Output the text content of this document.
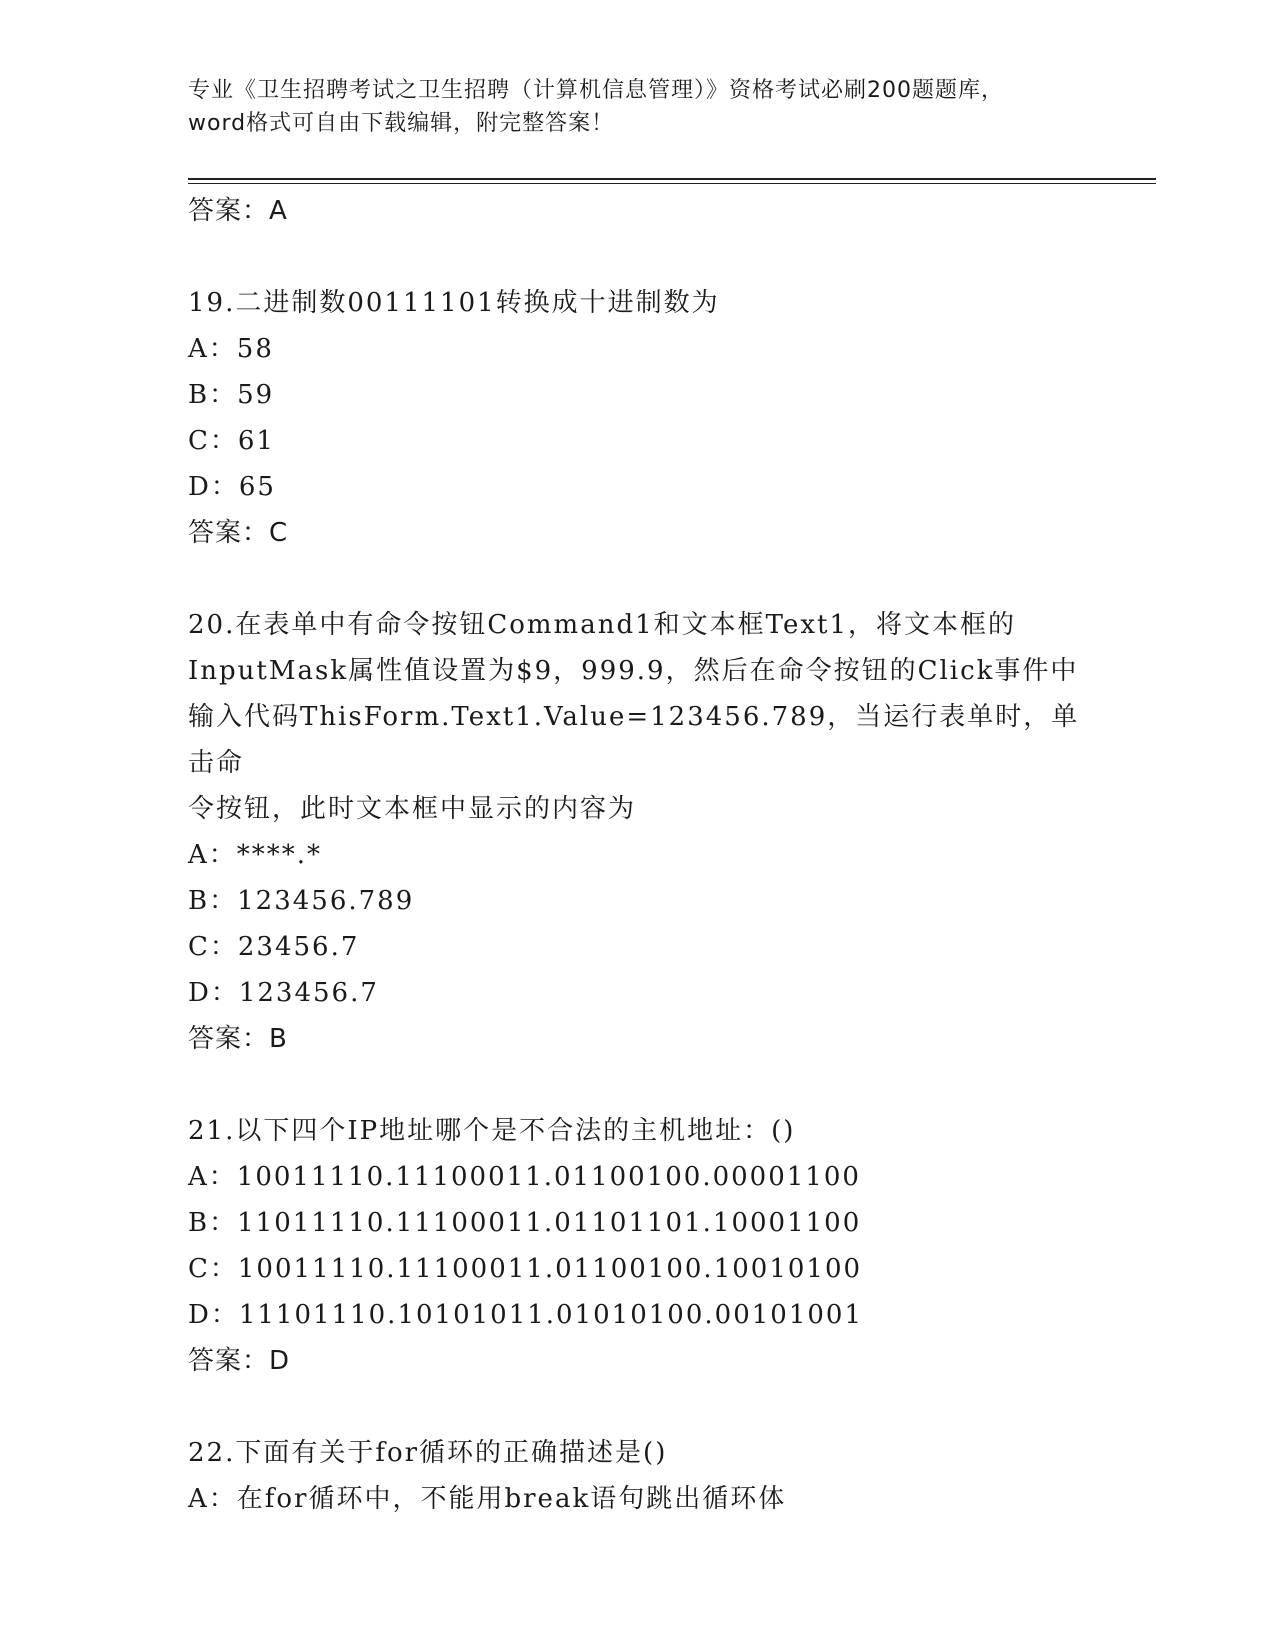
专业《卫生招聘考试之卫生招聘（计算机信息管理）》资格考试必刷200题题库，
word格式可自由下载编辑，附完整答案！
答案：A
19.二进制数00111101转换成十进制数为
A：58
B：59
C：61
D：65
答案：C
20.在表单中有命令按钮Command1和文本框Text1，将文本框的
InputMask属性值设置为$9，999.9，然后在命令按钮的Click事件中
输入代码ThisForm.Text1.Value=123456.789，当运行表单时，单击命
令按钮，此时文本框中显示的内容为
A：****.*
B：123456.789
C：23456.7
D：123456.7
答案：B
21.以下四个IP地址哪个是不合法的主机地址：()
A：10011110.11100011.01100100.00001100
B：11011110.11100011.01101101.10001100
C：10011110.11100011.01100100.10010100
D：11101110.10101011.01010100.00101001
答案：D
22.下面有关于for循环的正确描述是()
A：在for循环中，不能用break语句跳出循环体
